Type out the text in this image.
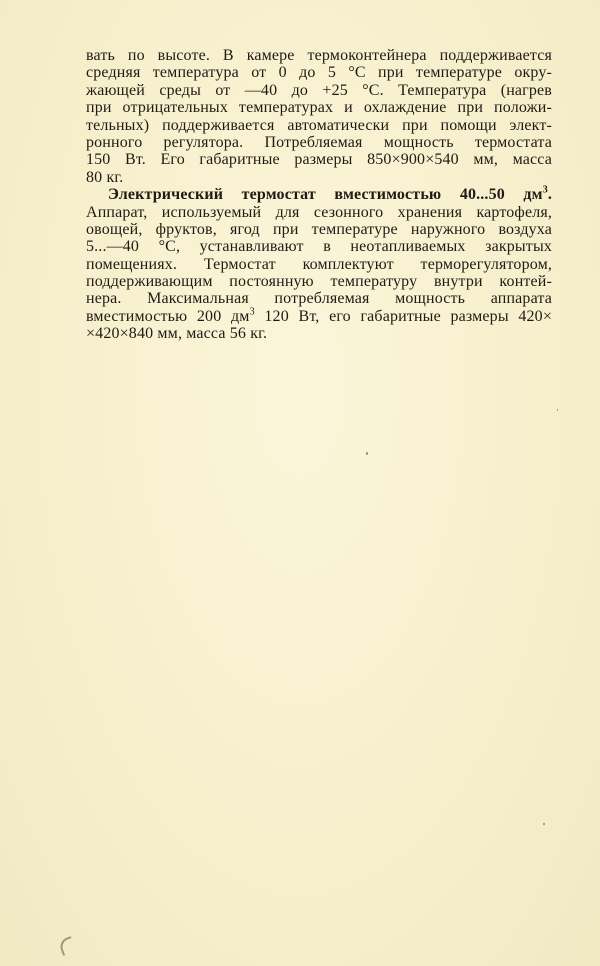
вать по высоте. В камере термоконтейнера поддерживается
средняя температура от 0 до 5 °С при температуре окру-
жающей среды от —40 до +25 °С. Температура (нагрев
при отрицательных температурах и охлаждение при положи-
тельных) поддерживается автоматически при помощи элект-
ронного регулятора. Потребляемая мощность термостата
150 Вт. Его габаритные размеры 850×900×540 мм, масса
80 кг.
Электрический термостат вместимостью 40...50 $дм^3$.
Аппарат, используемый для сезонного хранения картофеля,
овощей, фруктов, ягод при температуре наружного воздуха
5...—40 °С, устанавливают в неотапливаемых закрытых
помещениях. Термостат комплектуют терморегулятором,
поддерживающим постоянную температуру внутри контей-
нера. Максимальная потребляемая мощность аппарата
вместимостью 200 $дм^3$ 120 Вт, его габаритные размеры 420×
×420×840 мм, масса 56 кг.
